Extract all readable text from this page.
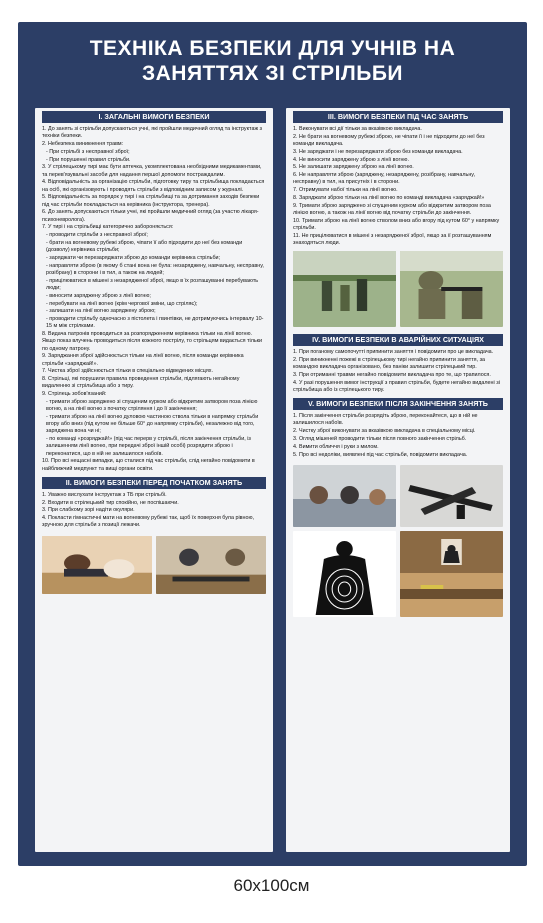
ТЕХНІКА БЕЗПЕКИ ДЛЯ УЧНІВ НА ЗАНЯТТЯХ ЗІ СТРІЛЬБИ
І. ЗАГАЛЬНІ ВИМОГИ БЕЗПЕКИ
1. До занять зі стрільби допускаються учні, які пройшли медичний огляд та інструктаж з техніки безпеки.
2. Небезпека виникнення травм:
- При стрільбі з несправної зброї;
- При порушенні правил стрільби.
3. У стрілецькому тирі має бути аптечка, укомплектована необхідними медикаментами, та перев'язувальні засоби для надання першої допомоги постраждалим.
4. Відповідальність за організацію стрільби, підготовку тиру та стрільбища покладається на осіб, які організовують і проводять стрільби з відповідним записом у журналі.
5. Відповідальність за порядок у тирі і на стрільбищі та за дотримання заходів безпеки під час стрільби покладається на керівника (інструктора, тренера).
6. До занять допускаються тільки учні, які пройшли медичний огляд (за участю лікаря-психоневролога).
7. У тирі і на стрільбищі категорично забороняється:
- проводити стрільби з несправної зброї;
- брати на вогневому рубежі зброю, чіпати її або підходити до неї без команди (дозволу) керівника стрільби;
- заряджати чи перезаряджати зброю до команди керівника стрільби;
- направляти зброю (в якому б стані вона не була: незаряджену, навчальну, несправну, розібрану) в сторони і в тил, а також на людей;
- прицілюватися в мішені з незарядженої зброї, якщо в їх розташуванні перебувають люди;
- виносити заряджену зброю з лінії вогню;
- перебувати на лінії вогню (крім чергової зміни, що стріляє);
- залишати на лінії вогню заряджену зброю;
- проводити стрільбу одночасно з пістолета і гвинтівки, не дотримуючись інтервалу 10-15 м між стрілками.
8. Видача патронів проводиться за розпорядженням керівника тільки на лінії вогню. Якщо показ влучень проводиться після кожного пострілу, то стрільцям видається тільки по одному патрону.
9. Заряджання зброї здійснюється тільки на лінії вогню, після команди керівника стрільби «заряджай!».
7. Чистка зброї здійснюється тільки в спеціально відведених місцях.
8. Стрільці, які порушили правила проведення стрільби, підлягають негайному видаленню зі стрільбища або з тиру.
9. Стрілець зобов'язаний:
- тримати зброю заряджено зі спущеним курком або відкритим затвором поза лінією вогню, а на лінії вогню з початку стріляння і до її закінчення;
- тримати зброю на лінії вогню дуловою частиною ствола тільки в напрямку стрільби вгору або вниз (під кутом не більше 60° до напрямку стрільби), незалежно від того, заряджена вона чи ні;
- по команді «розряджай!» (під час перерв у стрільбі, після закінчення стрільби, із залишенням лінії вогню, при передачі зброї іншій особі) розрядити зброю і переконатися, що в ній не залишилося набоїв.
10. Про всі нещасні випадки, що сталися під час стрільби, слід негайно повідомити в найближчий медпункт та вищі органи освіти.
ІІ. ВИМОГИ БЕЗПЕКИ ПЕРЕД ПОЧАТКОМ ЗАНЯТЬ
1. Уважно вислухати інструктаж з ТБ при стрільбі.
2. Входити в стрілецький тир спокійно, не поспішаючи.
3. При слабкому зорі надіти окуляри.
4. Покласти гімнастичні мати на вогневому рубежі так, щоб їх поверхня була рівною, зручною для стрільби з позиції лежачи.
ІІІ. ВИМОГИ БЕЗПЕКИ ПІД ЧАС ЗАНЯТЬ
1. Виконувати всі дії тільки за вказівкою викладача.
2. Не брати на вогневому рубежі зброю, не чіпати її і не підходити до неї без команди викладача.
3. Не заряджати і не перезаряджати зброю без команди викладача.
4. Не виносити заряджену зброю з лінії вогню.
5. Не залишати заряджену зброю на лінії вогню.
6. Не направляти зброю (заряджену, незаряджену, розібрану, навчальну, несправну) в тил, на присутніх і в сторони.
7. Отримувати набої тільки на лінії вогню.
8. Заряджати зброю тільки на лінії вогню по команді викладача «заряджай!»
9. Тримати зброю заряджено зі спущеним курком або відкритим затвором поза лінією вогню, а також на лінії вогню від початку стрільби до закінчення.
10. Тримати зброю на лінії вогню стволом вниз або вгору під кутом 60° у напрямку стрільби.
11. Не прицілюватися в мішені з незарядженої зброї, якщо за ії розташуванням знаходяться люди.
IV. ВИМОГИ БЕЗПЕКИ В АВАРІЙНИХ СИТУАЦІЯХ
1. При поганому самопочутті припинити заняття і повідомити про це викладача.
2. При виникненні пожежі в стрілецькому тирі негайно припинити заняття, за командою викладача організовано, без паніки залишити стрілецький тир.
3. При отриманні травми негайно повідомити викладача про те, що трапилося.
4. У разі порушення вимог інструкції з правил стрільби, будете негайно видалені зі стрільбища або із стрілецького тиру.
V. ВИМОГИ БЕЗПЕКИ ПІСЛЯ ЗАКІНЧЕННЯ ЗАНЯТЬ
1. Після закінчення стрільби розрядіть зброю, переконайтеся, що в ній не залишилося набоїв.
2. Чистку зброї виконувати за вказівкою викладача в спеціальному місці.
3. Огляд мішеней проводити тільки після повного закінчення стрільб.
4. Вимити обличчя і руки з милом.
5. Про всі недоліки, виявлені під час стрільби, повідомити викладача.
60x100см
